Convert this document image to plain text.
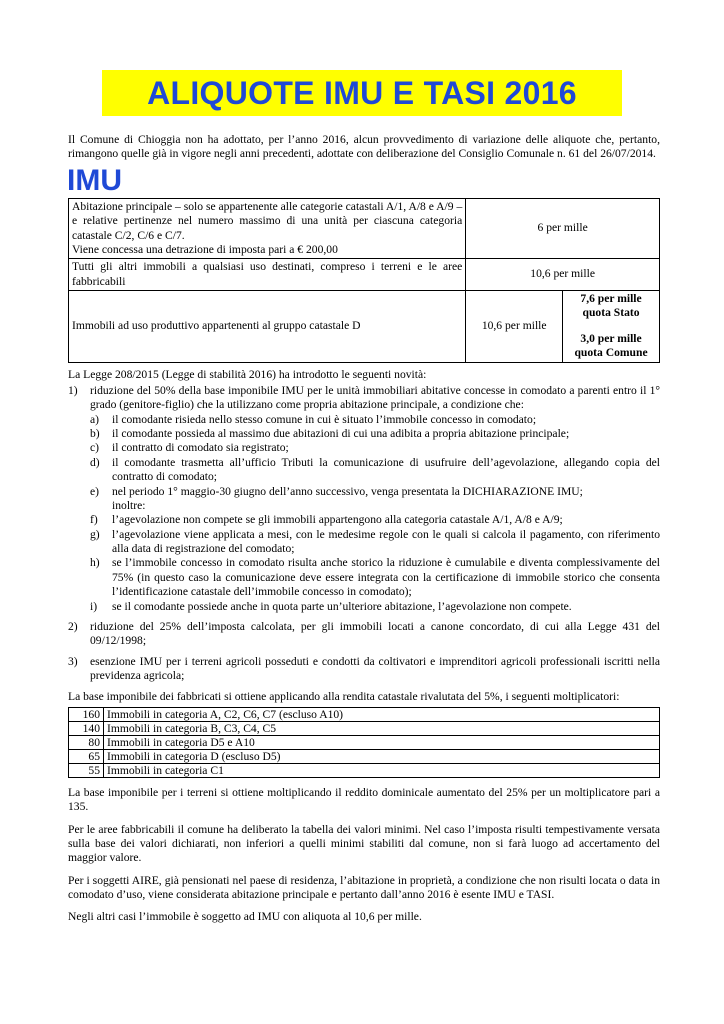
ALIQUOTE IMU E TASI 2016

Il Comune di Chioggia non ha adottato, per l’anno 2016, alcun provvedimento di variazione delle aliquote che, pertanto, rimangono quelle già in vigore negli anni precedenti, adottate con deliberazione del Consiglio Comunale n. 61 del 26/07/2014.

IMU
Abitazione principale – solo se appartenente alle categorie catastali A/1, A/8 e A/9 – e relative pertinenze nel numero massimo di una unità per ciascuna categoria catastale C/2, C/6 e C/7.
Viene concessa una detrazione di imposta pari a € 200,00	6 per mille	
Tutti gli altri immobili a qualsiasi uso destinati, compreso i terreni e le aree fabbricabili	10,6 per mille	
Immobili ad uso produttivo appartenenti al gruppo catastale D	10,6 per mille	7,6 per mille
quota Stato
3,0 per mille
quota Comune

La Legge 208/2015 (Legge di stabilità 2016) ha introdotto le seguenti novità:

1) riduzione del 50% della base imponibile IMU per le unità immobiliari abitative concesse in comodato a parenti entro il 1° grado (genitore-figlio) che la utilizzano come propria abitazione principale, a condizione che:
a) il comodante risieda nello stesso comune in cui è situato l’immobile concesso in comodato;
b) il comodante possieda al massimo due abitazioni di cui una adibita a propria abitazione principale;
c) il contratto di comodato sia registrato;
d) il comodante trasmetta all’ufficio Tributi la comunicazione di usufruire dell’agevolazione, allegando copia del contratto di comodato;
e) nel periodo 1° maggio-30 giugno dell’anno successivo, venga presentata la DICHIARAZIONE IMU;
inoltre:
f) l’agevolazione non compete se gli immobili appartengono alla categoria catastale A/1, A/8 e A/9;
g) l’agevolazione viene applicata a mesi, con le medesime regole con le quali si calcola il pagamento, con riferimento alla data di registrazione del comodato;
h) se l’immobile concesso in comodato risulta anche storico la riduzione è cumulabile e diventa complessivamente del 75% (in questo caso la comunicazione deve essere integrata con la certificazione di immobile storico che consenta l’identificazione catastale dell’immobile concesso in comodato);
i) se il comodante possiede anche in quota parte un’ulteriore abitazione, l’agevolazione non compete.
2) riduzione del 25% dell’imposta calcolata, per gli immobili locati a canone concordato, di cui alla Legge 431 del 09/12/1998;
3) esenzione IMU per i terreni agricoli posseduti e condotti da coltivatori e imprenditori agricoli professionali iscritti nella previdenza agricola;

La base imponibile dei fabbricati si ottiene applicando alla rendita catastale rivalutata del 5%, i seguenti moltiplicatori:

160	Immobili in categoria A, C2, C6, C7 (escluso A10)
140	Immobili in categoria B, C3, C4, C5
80	Immobili in categoria D5 e A10
65	Immobili in categoria D (escluso D5)
55	Immobili in categoria C1

La base imponibile per i terreni si ottiene moltiplicando il reddito dominicale aumentato del 25% per un moltiplicatore pari a 135.

Per le aree fabbricabili il comune ha deliberato la tabella dei valori minimi. Nel caso l’imposta risulti tempestivamente versata sulla base dei valori dichiarati, non inferiori a quelli minimi stabiliti dal comune, non si farà luogo ad accertamento del maggior valore.

Per i soggetti AIRE, già pensionati nel paese di residenza, l’abitazione in proprietà, a condizione che non risulti locata o data in comodato d’uso, viene considerata abitazione principale e pertanto dall’anno 2016 è esente IMU e TASI.

Negli altri casi l’immobile è soggetto ad IMU con aliquota al 10,6 per mille.
